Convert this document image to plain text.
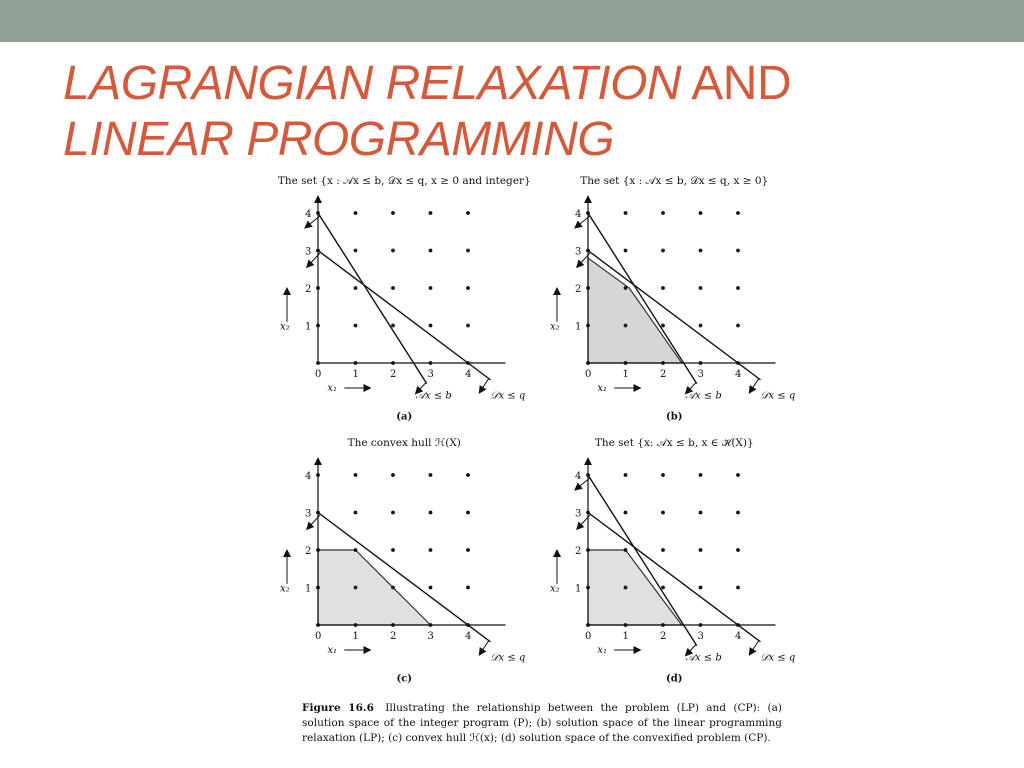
LAGRANGIAN RELAXATION AND
LINEAR PROGRAMMING
0	1	2	3	4
1
2
3
4
x₁
x₂
𝒜x ≤ b	𝒟x ≤ q
The set {x : 𝒜x ≤ b, 𝒟x ≤ q, x ≥ 0 and integer}
(a)
0	1	2	3	4
1
2
3
4
x₁
x₂
𝒜x ≤ b	𝒟x ≤ q
The set {x : 𝒜x ≤ b, 𝒟x ≤ q, x ≥ 0}
(b)
0	1	2	3	4
1
2
3
4
x₁
x₂
𝒟x ≤ q
The convex hull ℋ(X)
(c)
0	1	2	3	4
1
2
3
4
x₁
x₂
𝒜x ≤ b	𝒟x ≤ q
The set {x: 𝒜x ≤ b, x ∈ ℋ(X)}
(d)

Figure 16.6 Illustrating the relationship between the problem (LP) and (CP): (a) solution space of the integer program (P); (b) solution space of the linear programming relaxation (LP); (c) convex hull ℋ(x); (d) solution space of the convexified problem (CP).
